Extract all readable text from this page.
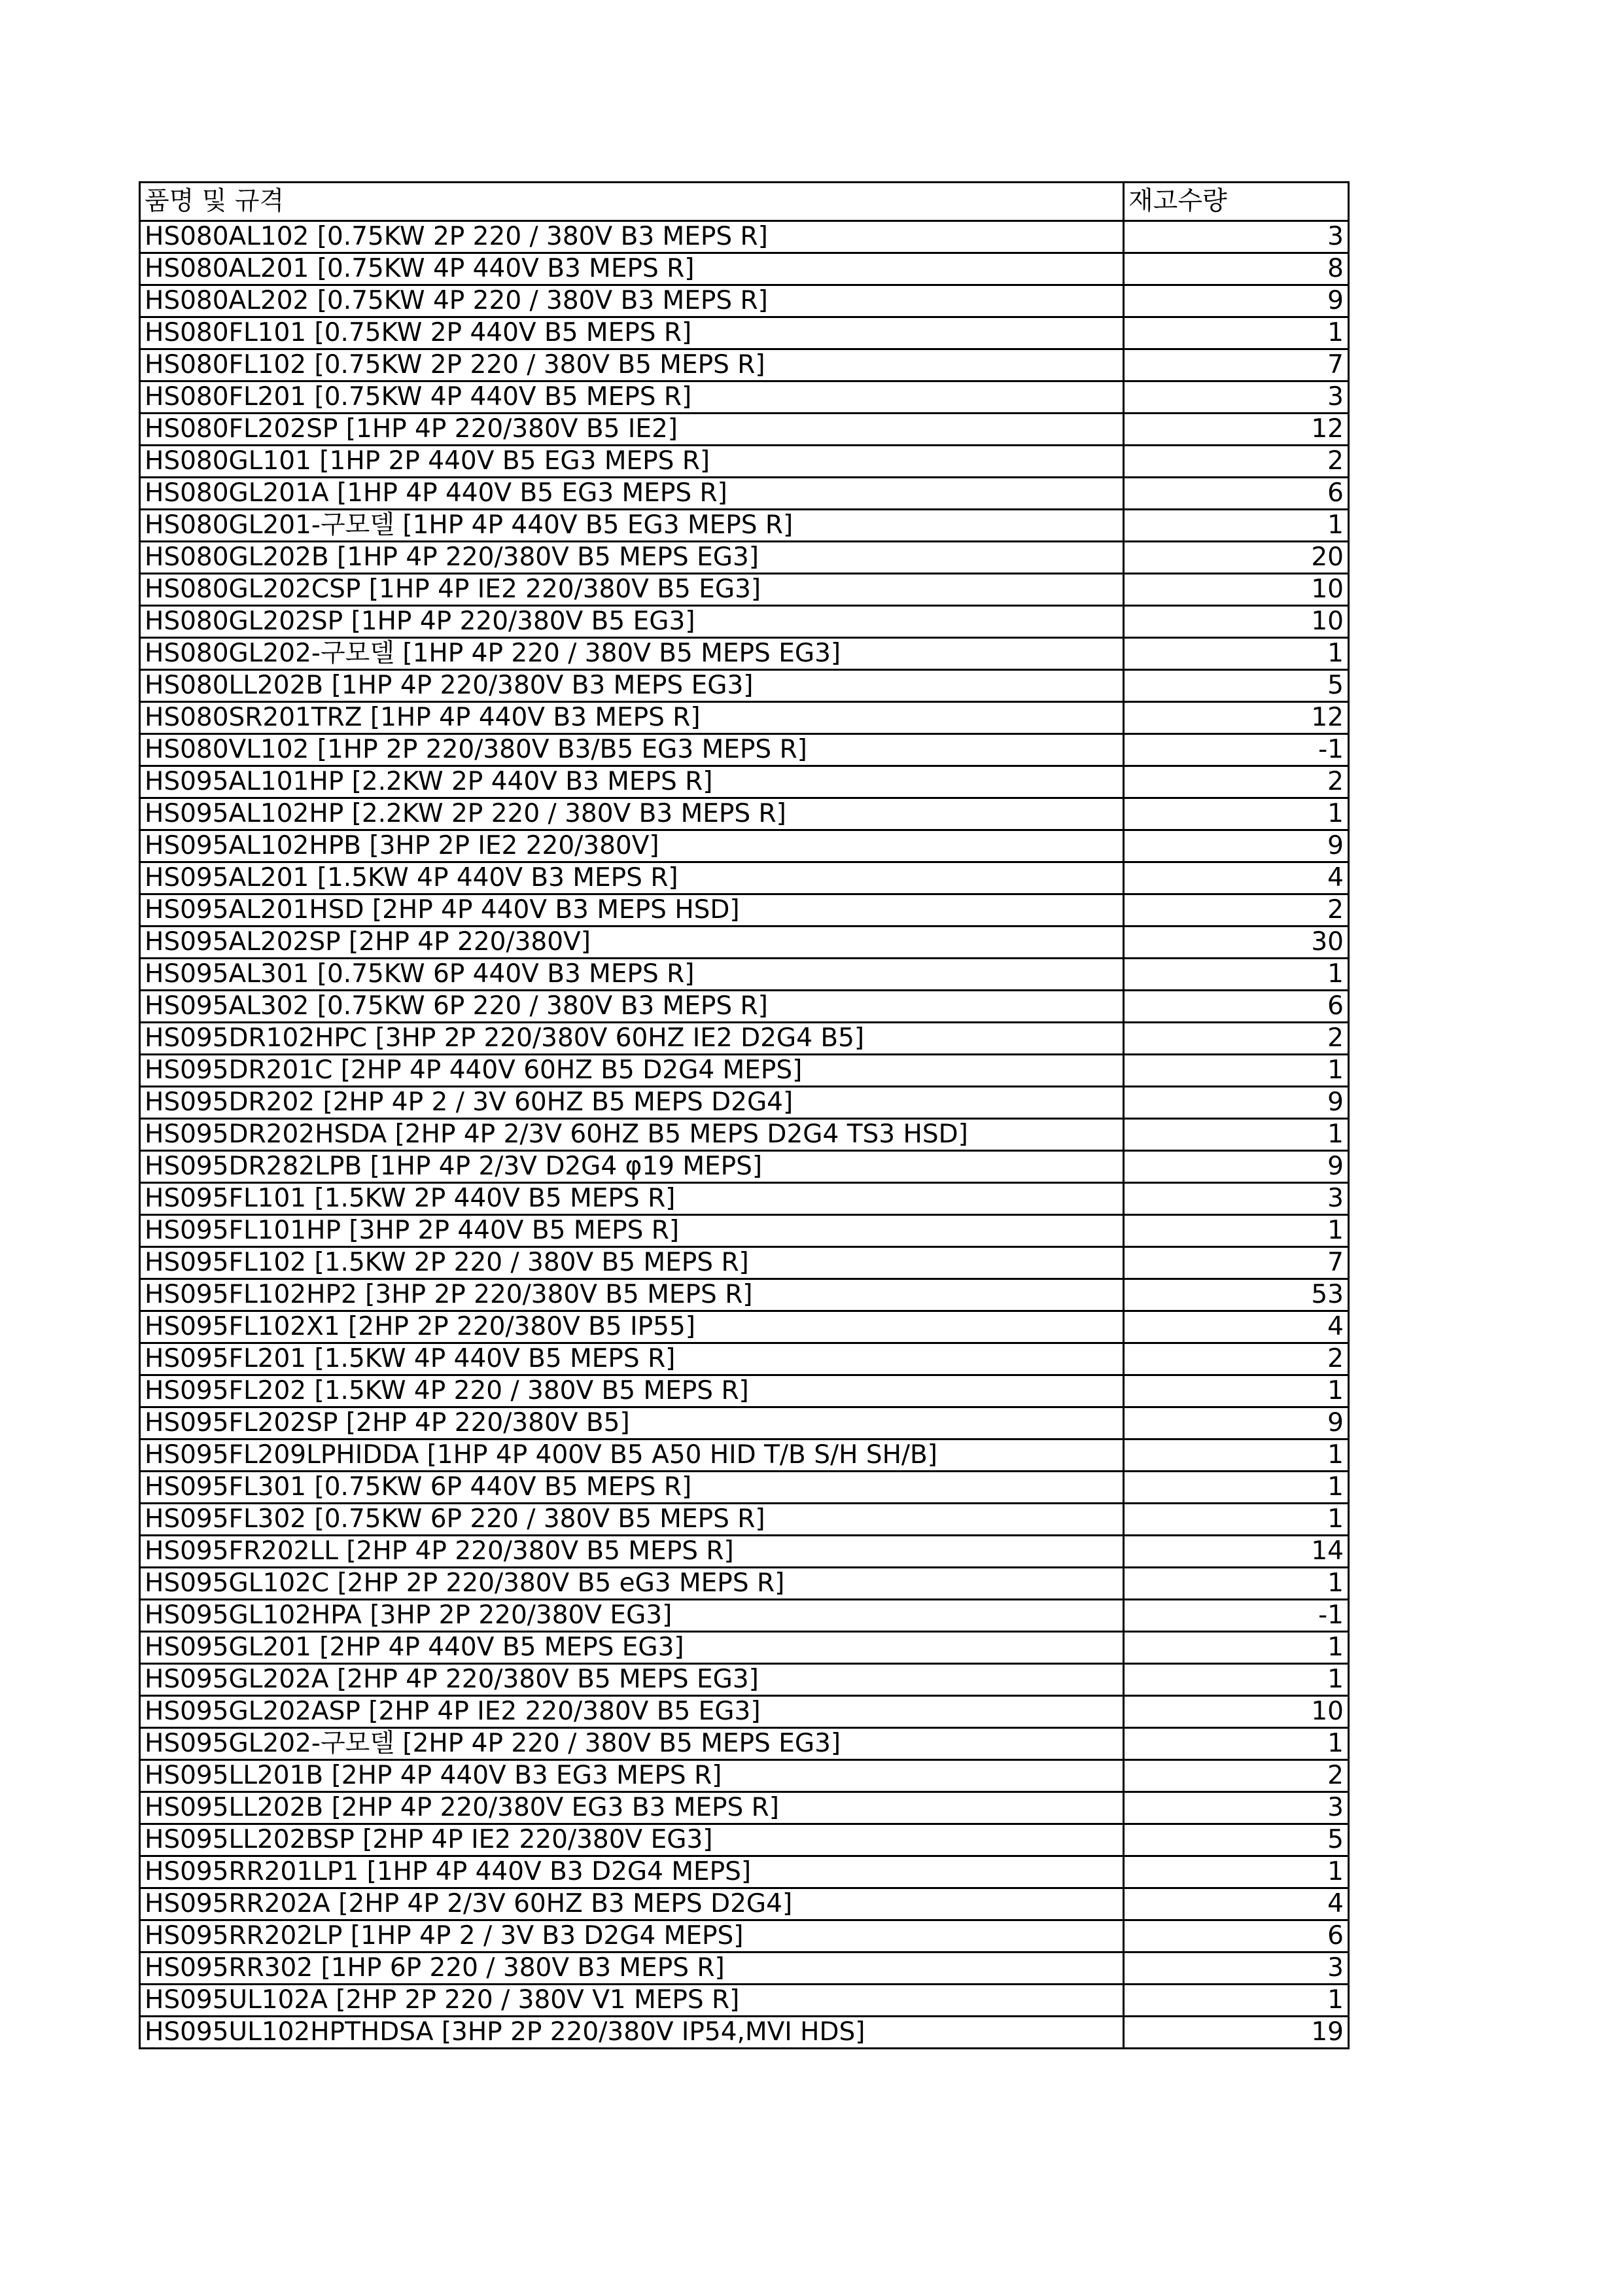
품명 및 규격	재고수량
HS080AL102 [0.75KW 2P 220 / 380V B3 MEPS R]	3
HS080AL201 [0.75KW 4P 440V B3 MEPS R]	8
HS080AL202 [0.75KW 4P 220 / 380V B3 MEPS R]	9
HS080FL101 [0.75KW 2P 440V B5 MEPS R]	1
HS080FL102 [0.75KW 2P 220 / 380V B5 MEPS R]	7
HS080FL201 [0.75KW 4P 440V B5 MEPS R]	3
HS080FL202SP [1HP 4P 220/380V B5 IE2]	12
HS080GL101 [1HP 2P 440V B5 EG3 MEPS R]	2
HS080GL201A [1HP 4P 440V B5 EG3 MEPS R]	6
HS080GL201-구모델 [1HP 4P 440V B5 EG3 MEPS R]	1
HS080GL202B [1HP 4P 220/380V B5 MEPS EG3]	20
HS080GL202CSP [1HP 4P IE2 220/380V B5 EG3]	10
HS080GL202SP [1HP 4P 220/380V B5 EG3]	10
HS080GL202-구모델 [1HP 4P 220 / 380V B5 MEPS EG3]	1
HS080LL202B [1HP 4P 220/380V B3 MEPS EG3]	5
HS080SR201TRZ [1HP 4P 440V B3 MEPS R]	12
HS080VL102 [1HP 2P 220/380V B3/B5 EG3 MEPS R]	-1
HS095AL101HP [2.2KW 2P 440V B3 MEPS R]	2
HS095AL102HP [2.2KW 2P 220 / 380V B3 MEPS R]	1
HS095AL102HPB [3HP 2P IE2 220/380V]	9
HS095AL201 [1.5KW 4P 440V B3 MEPS R]	4
HS095AL201HSD [2HP 4P 440V B3 MEPS HSD]	2
HS095AL202SP [2HP 4P 220/380V]	30
HS095AL301 [0.75KW 6P 440V B3 MEPS R]	1
HS095AL302 [0.75KW 6P 220 / 380V B3 MEPS R]	6
HS095DR102HPC [3HP 2P 220/380V 60HZ IE2 D2G4 B5]	2
HS095DR201C [2HP 4P 440V 60HZ B5 D2G4 MEPS]	1
HS095DR202 [2HP 4P 2 / 3V 60HZ B5 MEPS D2G4]	9
HS095DR202HSDA [2HP 4P 2/3V 60HZ B5 MEPS D2G4 TS3 HSD]	1
HS095DR282LPB [1HP 4P 2/3V D2G4 φ19 MEPS]	9
HS095FL101 [1.5KW 2P 440V B5 MEPS R]	3
HS095FL101HP [3HP 2P 440V B5 MEPS R]	1
HS095FL102 [1.5KW 2P 220 / 380V B5 MEPS R]	7
HS095FL102HP2 [3HP 2P 220/380V B5 MEPS R]	53
HS095FL102X1 [2HP 2P 220/380V B5 IP55]	4
HS095FL201 [1.5KW 4P 440V B5 MEPS R]	2
HS095FL202 [1.5KW 4P 220 / 380V B5 MEPS R]	1
HS095FL202SP [2HP 4P 220/380V B5]	9
HS095FL209LPHIDDA [1HP 4P 400V B5 A50 HID T/B S/H SH/B]	1
HS095FL301 [0.75KW 6P 440V B5 MEPS R]	1
HS095FL302 [0.75KW 6P 220 / 380V B5 MEPS R]	1
HS095FR202LL [2HP 4P 220/380V B5 MEPS R]	14
HS095GL102C [2HP 2P 220/380V B5 eG3 MEPS R]	1
HS095GL102HPA [3HP 2P 220/380V EG3]	-1
HS095GL201 [2HP 4P 440V B5 MEPS EG3]	1
HS095GL202A [2HP 4P 220/380V B5 MEPS EG3]	1
HS095GL202ASP [2HP 4P IE2 220/380V B5 EG3]	10
HS095GL202-구모델 [2HP 4P 220 / 380V B5 MEPS EG3]	1
HS095LL201B [2HP 4P 440V B3 EG3 MEPS R]	2
HS095LL202B [2HP 4P 220/380V EG3 B3 MEPS R]	3
HS095LL202BSP [2HP 4P IE2 220/380V EG3]	5
HS095RR201LP1 [1HP 4P 440V B3 D2G4 MEPS]	1
HS095RR202A [2HP 4P 2/3V 60HZ B3 MEPS D2G4]	4
HS095RR202LP [1HP 4P 2 / 3V B3 D2G4 MEPS]	6
HS095RR302 [1HP 6P 220 / 380V B3 MEPS R]	3
HS095UL102A [2HP 2P 220 / 380V V1 MEPS R]	1
HS095UL102HPTHDSA [3HP 2P 220/380V IP54,MVI HDS]	19
